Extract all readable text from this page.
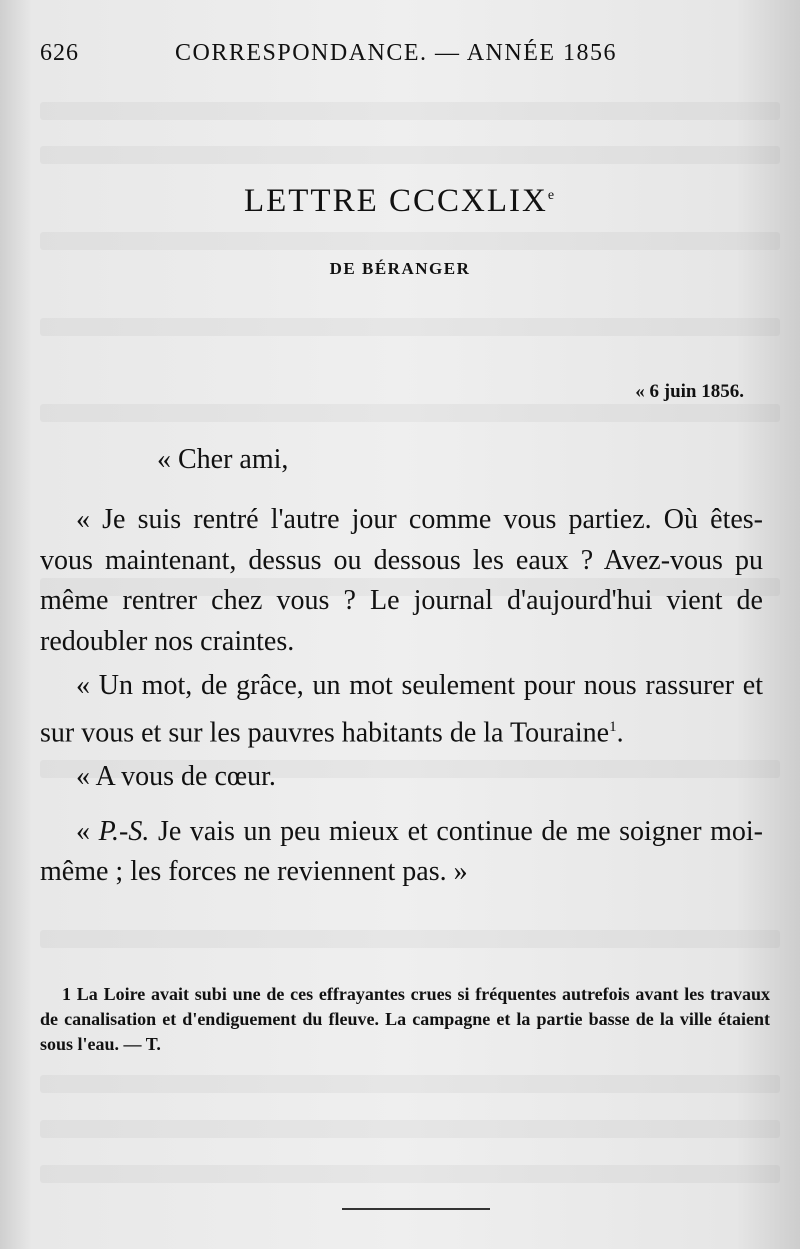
626	CORRESPONDANCE. — ANNÉE 1856
LETTRE CCCXLIXe
DE BÉRANGER
« 6 juin 1856.
« Cher ami,

« Je suis rentré l'autre jour comme vous partiez. Où êtes-vous maintenant, dessus ou dessous les eaux ? Avez-vous pu même rentrer chez vous ? Le journal d'aujourd'hui vient de redoubler nos craintes.

« Un mot, de grâce, un mot seulement pour nous rassurer et sur vous et sur les pauvres habitants de la Touraine$^1$.

« A vous de cœur.

« P.-S. Je vais un peu mieux et continue de me soigner moi-même ; les forces ne reviennent pas. »

1 La Loire avait subi une de ces effrayantes crues si fréquentes autrefois avant les travaux de canalisation et d'endiguement du fleuve. La campagne et la partie basse de la ville étaient sous l'eau. — T.
